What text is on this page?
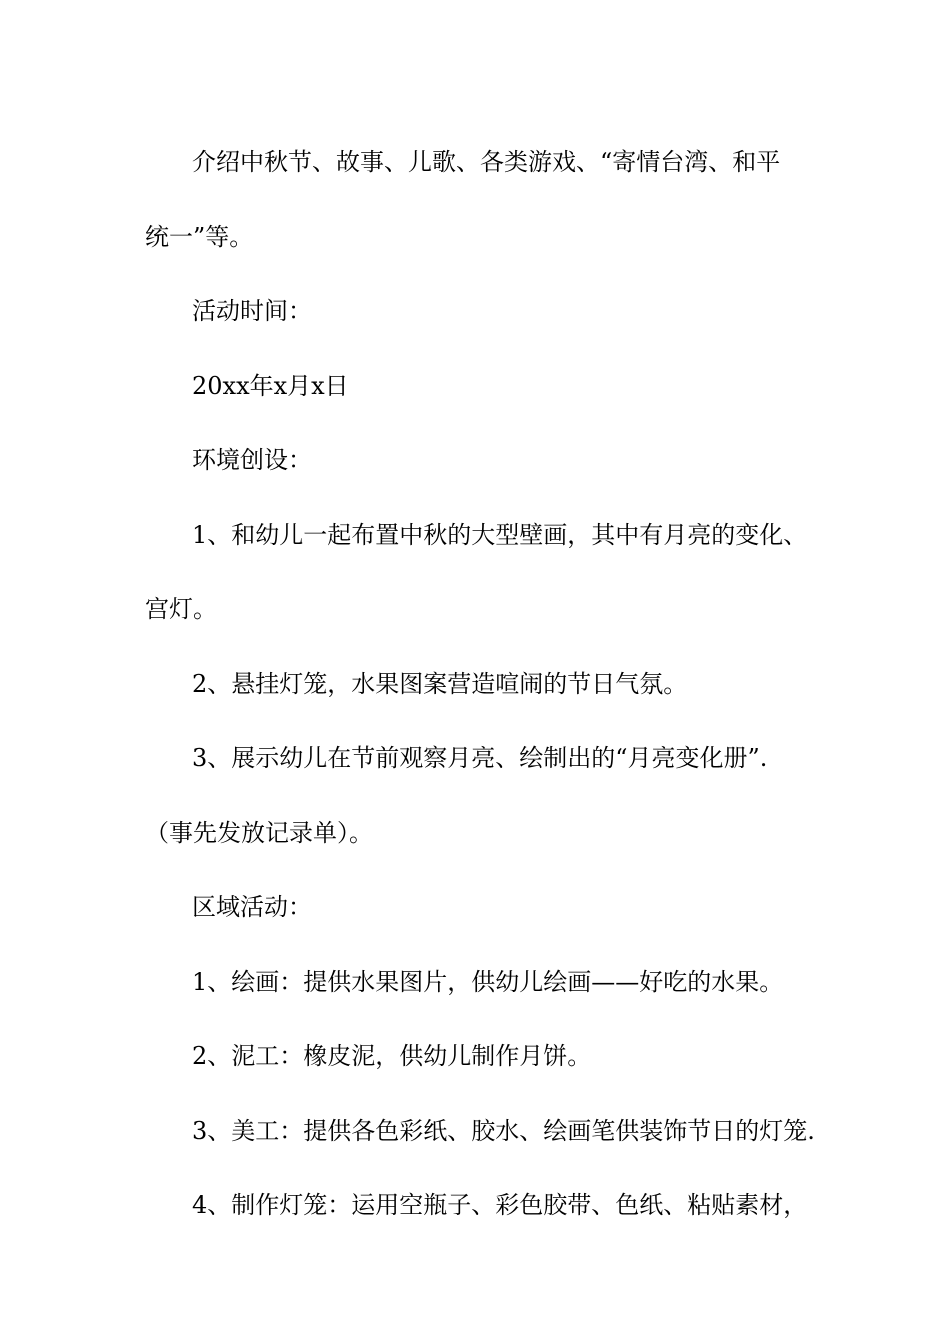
介绍中秋节、故事、儿歌、各类游戏、“寄情台湾、和平

统一”等。

活动时间：

20xx年x月x日

环境创设：

1、和幼儿一起布置中秋的大型壁画，其中有月亮的变化、

宫灯。

2、悬挂灯笼，水果图案营造喧闹的节日气氛。

3、展示幼儿在节前观察月亮、绘制出的“月亮变化册”.

（事先发放记录单）。

区域活动：

1、绘画：提供水果图片，供幼儿绘画——好吃的水果。

2、泥工：橡皮泥，供幼儿制作月饼。

3、美工：提供各色彩纸、胶水、绘画笔供装饰节日的灯笼.

4、制作灯笼：运用空瓶子、彩色胶带、色纸、粘贴素材，
